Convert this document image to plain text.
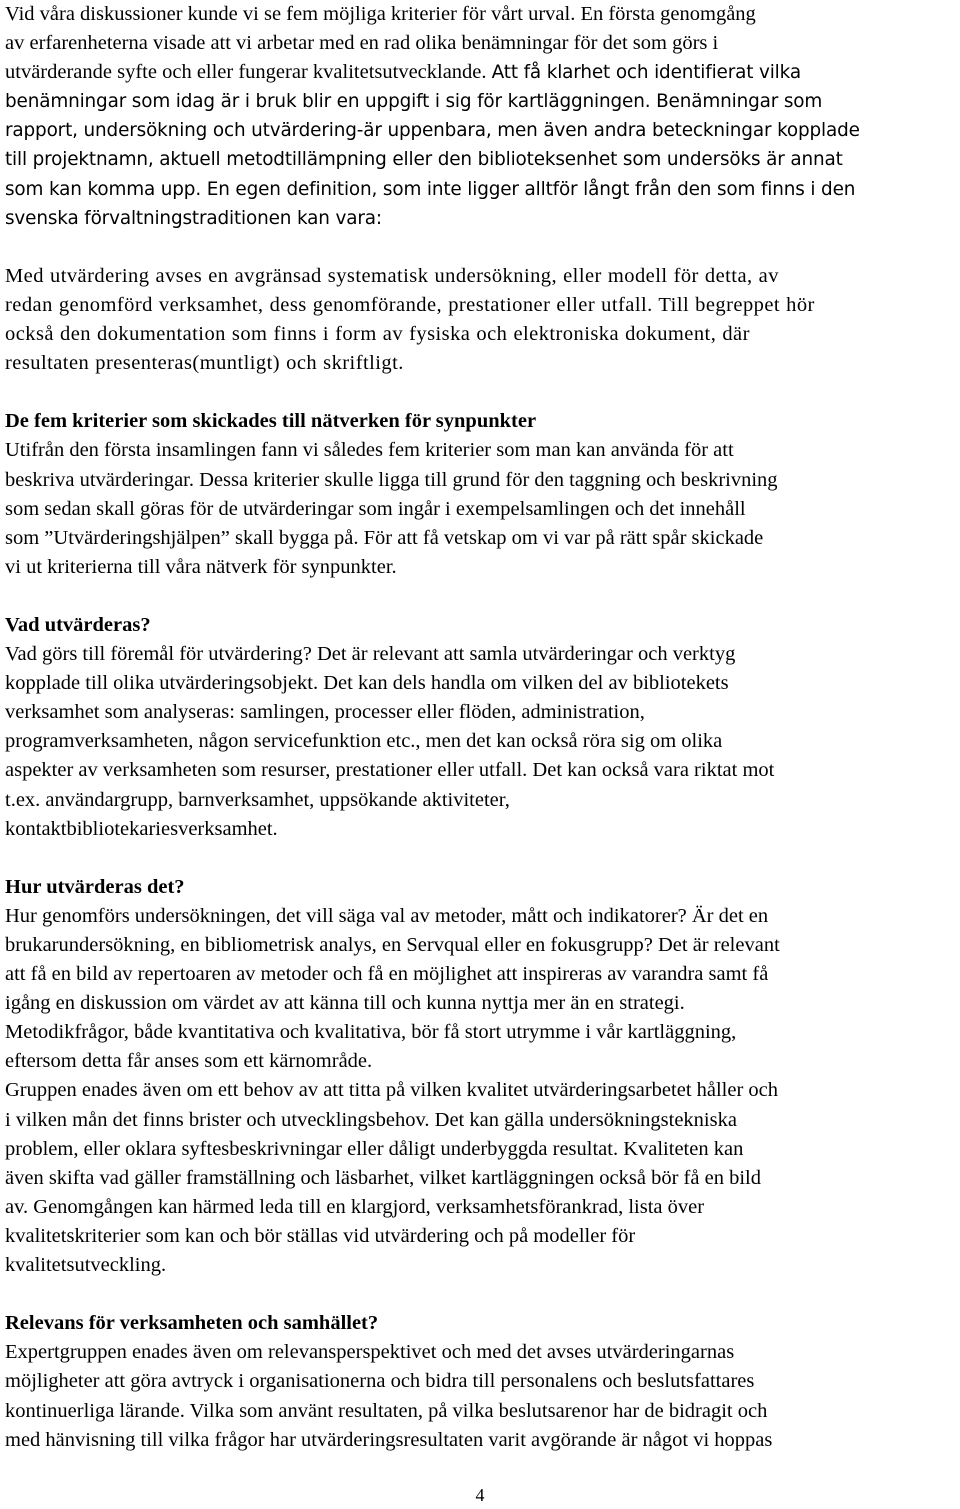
Vid våra diskussioner kunde vi se fem möjliga kriterier för vårt urval. En första genomgång
av erfarenheterna visade att vi arbetar med en rad olika benämningar för det som görs i
utvärderande syfte och eller fungerar kvalitetsutvecklande. Att få klarhet och identifierat vilka
benämningar som idag är i bruk blir en uppgift i sig för kartläggningen. Benämningar som
rapport, undersökning och utvärdering-är uppenbara, men även andra beteckningar kopplade
till projektnamn, aktuell metodtillämpning eller den biblioteksenhet som undersöks är annat
som kan komma upp. En egen definition, som inte ligger alltför långt från den som finns i den
svenska förvaltningstraditionen kan vara:

Med utvärdering avses en avgränsad systematisk undersökning, eller modell för detta, av
redan genomförd verksamhet, dess genomförande, prestationer eller utfall. Till begreppet hör
också den dokumentation som finns i form av fysiska och elektroniska dokument, där
resultaten presenteras(muntligt) och skriftligt.

De fem kriterier som skickades till nätverken för synpunkter

Utifrån den första insamlingen fann vi således fem kriterier som man kan använda för att
beskriva utvärderingar. Dessa kriterier skulle ligga till grund för den taggning och beskrivning
som sedan skall göras för de utvärderingar som ingår i exempelsamlingen och det innehåll
som ”Utvärderingshjälpen” skall bygga på. För att få vetskap om vi var på rätt spår skickade
vi ut kriterierna till våra nätverk för synpunkter.

Vad utvärderas?

Vad görs till föremål för utvärdering? Det är relevant att samla utvärderingar och verktyg
kopplade till olika utvärderingsobjekt. Det kan dels handla om vilken del av bibliotekets
verksamhet som analyseras: samlingen, processer eller flöden, administration,
programverksamheten, någon servicefunktion etc., men det kan också röra sig om olika
aspekter av verksamheten som resurser, prestationer eller utfall. Det kan också vara riktat mot
t.ex. användargrupp, barnverksamhet, uppsökande aktiviteter,
kontaktbibliotekariesverksamhet.

Hur utvärderas det?

Hur genomförs undersökningen, det vill säga val av metoder, mått och indikatorer? Är det en
brukarundersökning, en bibliometrisk analys, en Servqual eller en fokusgrupp? Det är relevant
att få en bild av repertoaren av metoder och få en möjlighet att inspireras av varandra samt få
igång en diskussion om värdet av att känna till och kunna nyttja mer än en strategi.
Metodikfrågor, både kvantitativa och kvalitativa, bör få stort utrymme i vår kartläggning,
eftersom detta får anses som ett kärnområde.
Gruppen enades även om ett behov av att titta på vilken kvalitet utvärderingsarbetet håller och
i vilken mån det finns brister och utvecklingsbehov. Det kan gälla undersökningstekniska
problem, eller oklara syftesbeskrivningar eller dåligt underbyggda resultat. Kvaliteten kan
även skifta vad gäller framställning och läsbarhet, vilket kartläggningen också bör få en bild
av. Genomgången kan härmed leda till en klargjord, verksamhetsförankrad, lista över
kvalitetskriterier som kan och bör ställas vid utvärdering och på modeller för
kvalitetsutveckling.

Relevans för verksamheten och samhället?

Expertgruppen enades även om relevansperspektivet och med det avses utvärderingarnas
möjligheter att göra avtryck i organisationerna och bidra till personalens och beslutsfattares
kontinuerliga lärande. Vilka som använt resultaten, på vilka beslutsarenor har de bidragit och
med hänvisning till vilka frågor har utvärderingsresultaten varit avgörande är något vi hoppas

4
